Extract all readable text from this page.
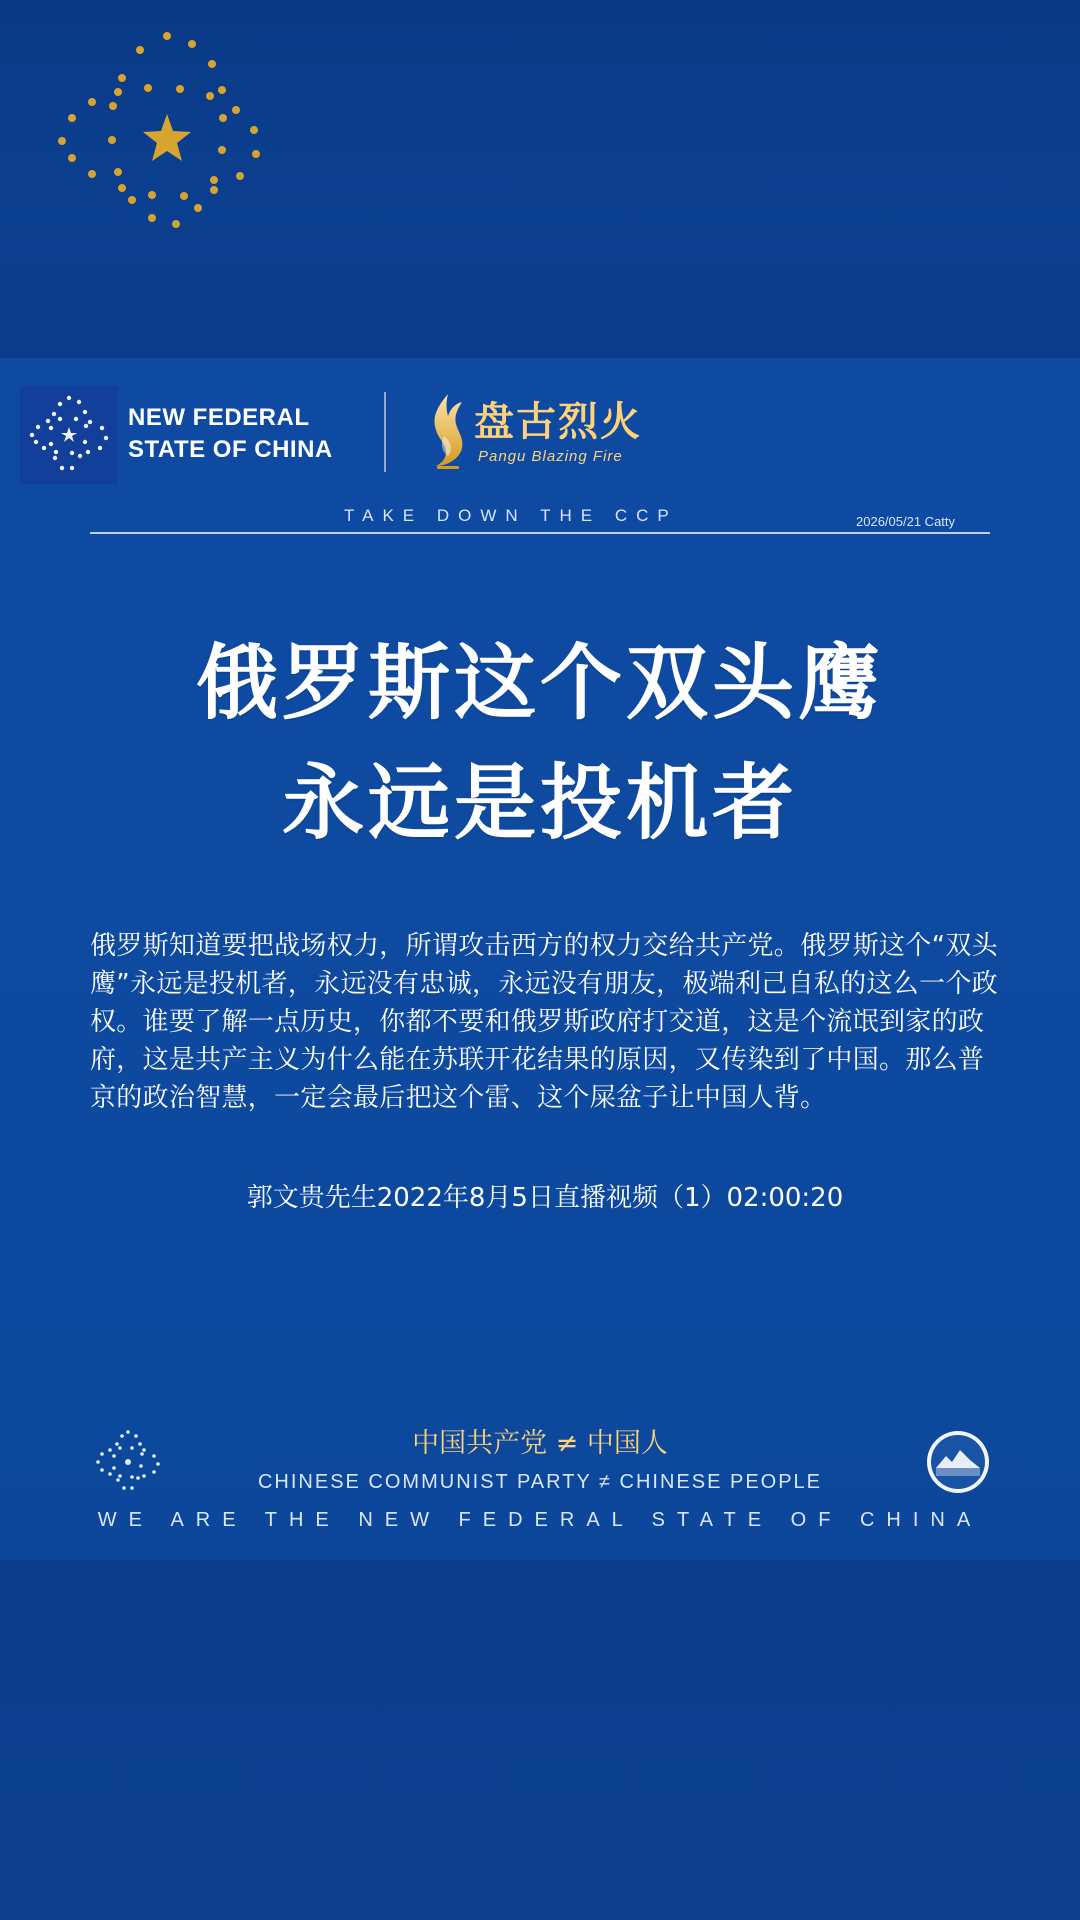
NEW FEDERAL
STATE OF CHINA
盘古烈火
Pangu Blazing Fire
TAKE DOWN THE CCP	2026/05/21 Catty
俄罗斯这个双头鹰
永远是投机者
俄罗斯知道要把战场权力，所谓攻击西方的权力交给共产党。俄罗斯这个“双头鹰”永远是投机者，永远没有忠诚，永远没有朋友，极端利己自私的这么一个政权。谁要了解一点历史，你都不要和俄罗斯政府打交道，这是个流氓到家的政府，这是共产主义为什么能在苏联开花结果的原因，又传染到了中国。那么普京的政治智慧，一定会最后把这个雷、这个屎盆子让中国人背。
郭文贵先生2022年8月5日直播视频（1）02:00:20
中国共产党 ≠ 中国人
CHINESE COMMUNIST PARTY ≠ CHINESE PEOPLE
WE ARE THE NEW FEDERAL STATE OF CHINA
